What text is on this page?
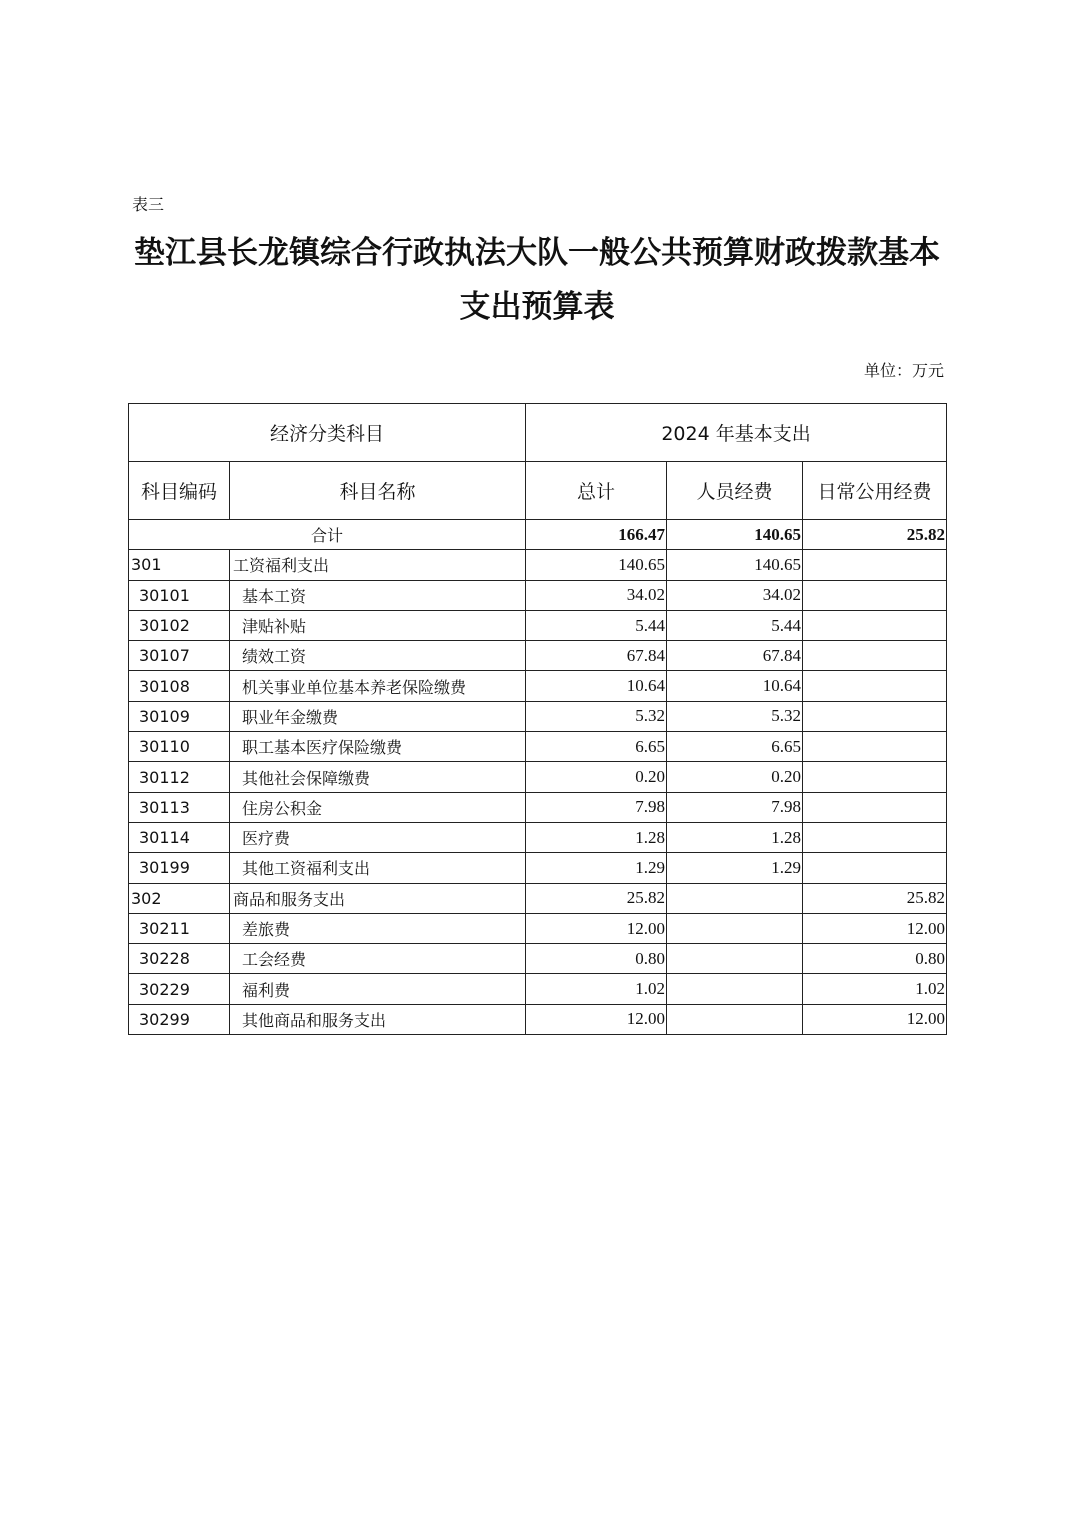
表三
垫江县长龙镇综合行政执法大队一般公共预算财政拨款基本支出预算表
单位：万元
经济分类科目		2024 年基本支出		
科目编码	科目名称	总计	人员经费	日常公用经费
合计		166.47	140.65	25.82
301	工资福利支出	140.65	140.65	
30101	基本工资	34.02	34.02	
30102	津贴补贴	5.44	5.44	
30107	绩效工资	67.84	67.84	
30108	机关事业单位基本养老保险缴费	10.64	10.64	
30109	职业年金缴费	5.32	5.32	
30110	职工基本医疗保险缴费	6.65	6.65	
30112	其他社会保障缴费	0.20	0.20	
30113	住房公积金	7.98	7.98	
30114	医疗费	1.28	1.28	
30199	其他工资福利支出	1.29	1.29	
302	商品和服务支出	25.82		25.82
30211	差旅费	12.00		12.00
30228	工会经费	0.80		0.80
30229	福利费	1.02		1.02
30299	其他商品和服务支出	12.00		12.00
